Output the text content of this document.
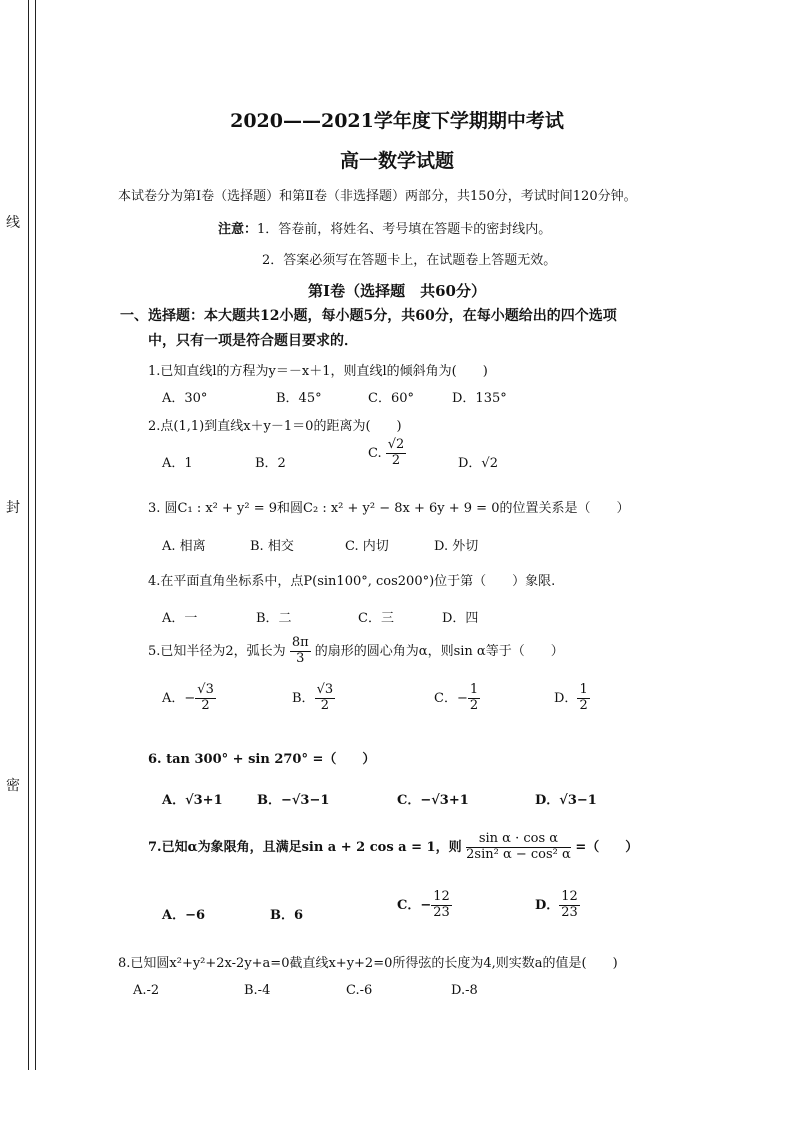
线
封
密
2020——2021学年度下学期期中考试
高一数学试题
本试卷分为第Ⅰ卷（选择题）和第Ⅱ卷（非选择题）两部分，共150分，考试时间120分钟。
注意：1．答卷前，将姓名、考号填在答题卡的密封线内。
2．答案必须写在答题卡上，在试题卷上答题无效。
第Ⅰ卷（选择题　共60分）
一、选择题：本大题共12小题，每小题5分，共60分，在每小题给出的四个选项
中，只有一项是符合题目要求的．
1.已知直线l的方程为y＝－x＋1，则直线l的倾斜角为(　　)
A．30°	B．45°	C．60°	D．135°
2.点(1,1)到直线x＋y－1＝0的距离为(　　)
A．1	B．2
C. $\frac{√2}{2}$	D．√2
3. 圆C₁ : x² + y² = 9和圆C₂ : x² + y² − 8x + 6y + 9 = 0的位置关系是（　　）
A. 相离	B. 相交	C. 内切	D. 外切
4.在平面直角坐标系中，点P(sin100°, cos200°)位于第（　　）象限.
A．一	B．二	C．三	D．四
5.已知半径为2，弧长为 $\frac{8\pi}{3}$ 的扇形的圆心角为α，则sin α等于（　　）
A．− $\frac{√3}{2}$	B． $\frac{√3}{2}$	C．− $\frac{1}{2}$	D． $\frac{1}{2}$
6. tan 300° + sin 270° =（　　）
A．√3+1	B．−√3−1	C．−√3+1	D．√3−1
7.已知α为象限角，且满足sin a + 2 cos a = 1，则 $\frac{\text{sin α · cos α}}{\text{2sin² α − cos² α}}$ =（　　）
A．−6	B．6
C．− $\frac{12}{23}$	D． $\frac{12}{23}$
8.已知圆x²+y²+2x-2y+a=0截直线x+y+2=0所得弦的长度为4,则实数a的值是(　　)
A.-2	B.-4	C.-6	D.-8
